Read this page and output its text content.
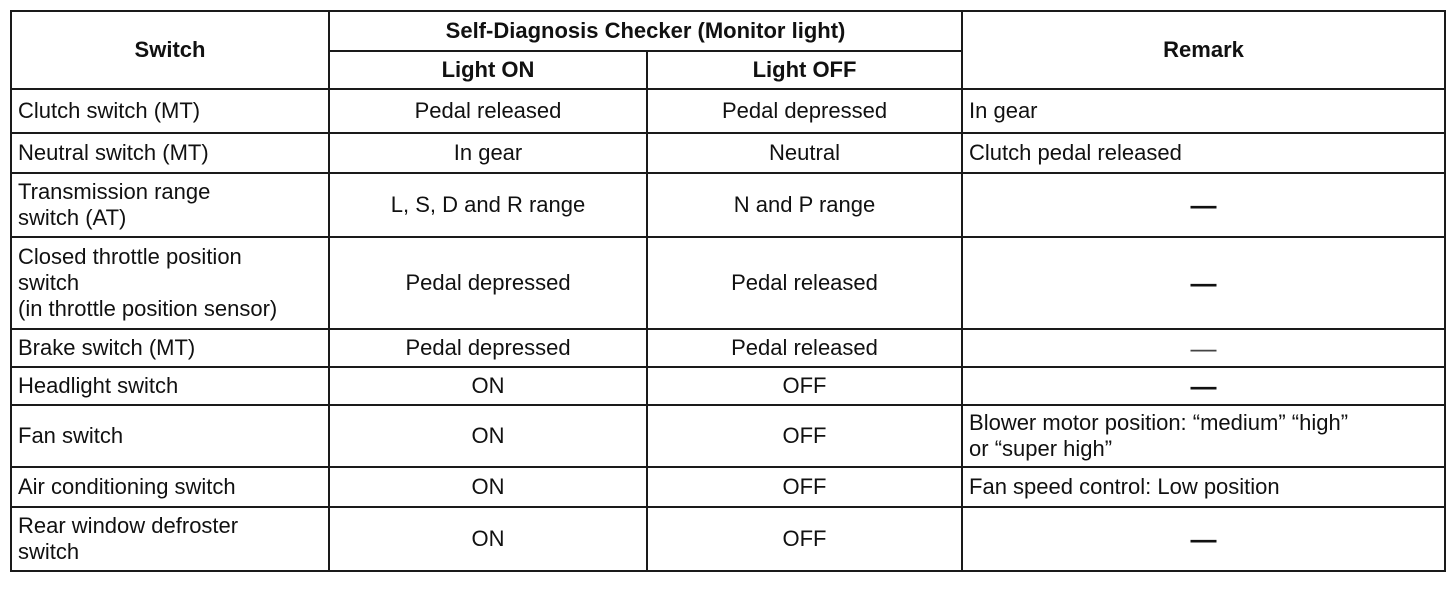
Switch	Self-Diagnosis Checker (Monitor light)		Remark
	Light ON	Light OFF	
Clutch switch (MT)	Pedal released	Pedal depressed	In gear
Neutral switch (MT)	In gear	Neutral	Clutch pedal released
Transmission range
switch (AT)	L, S, D and R range	N and P range	—
Closed throttle position
switch
(in throttle position sensor)	Pedal depressed	Pedal released	—
Brake switch (MT)	Pedal depressed	Pedal released	—
Headlight switch	ON	OFF	—
Fan switch	ON	OFF	Blower motor position: “medium” “high”
or “super high”
Air conditioning switch	ON	OFF	Fan speed control: Low position
Rear window defroster
switch	ON	OFF	—
